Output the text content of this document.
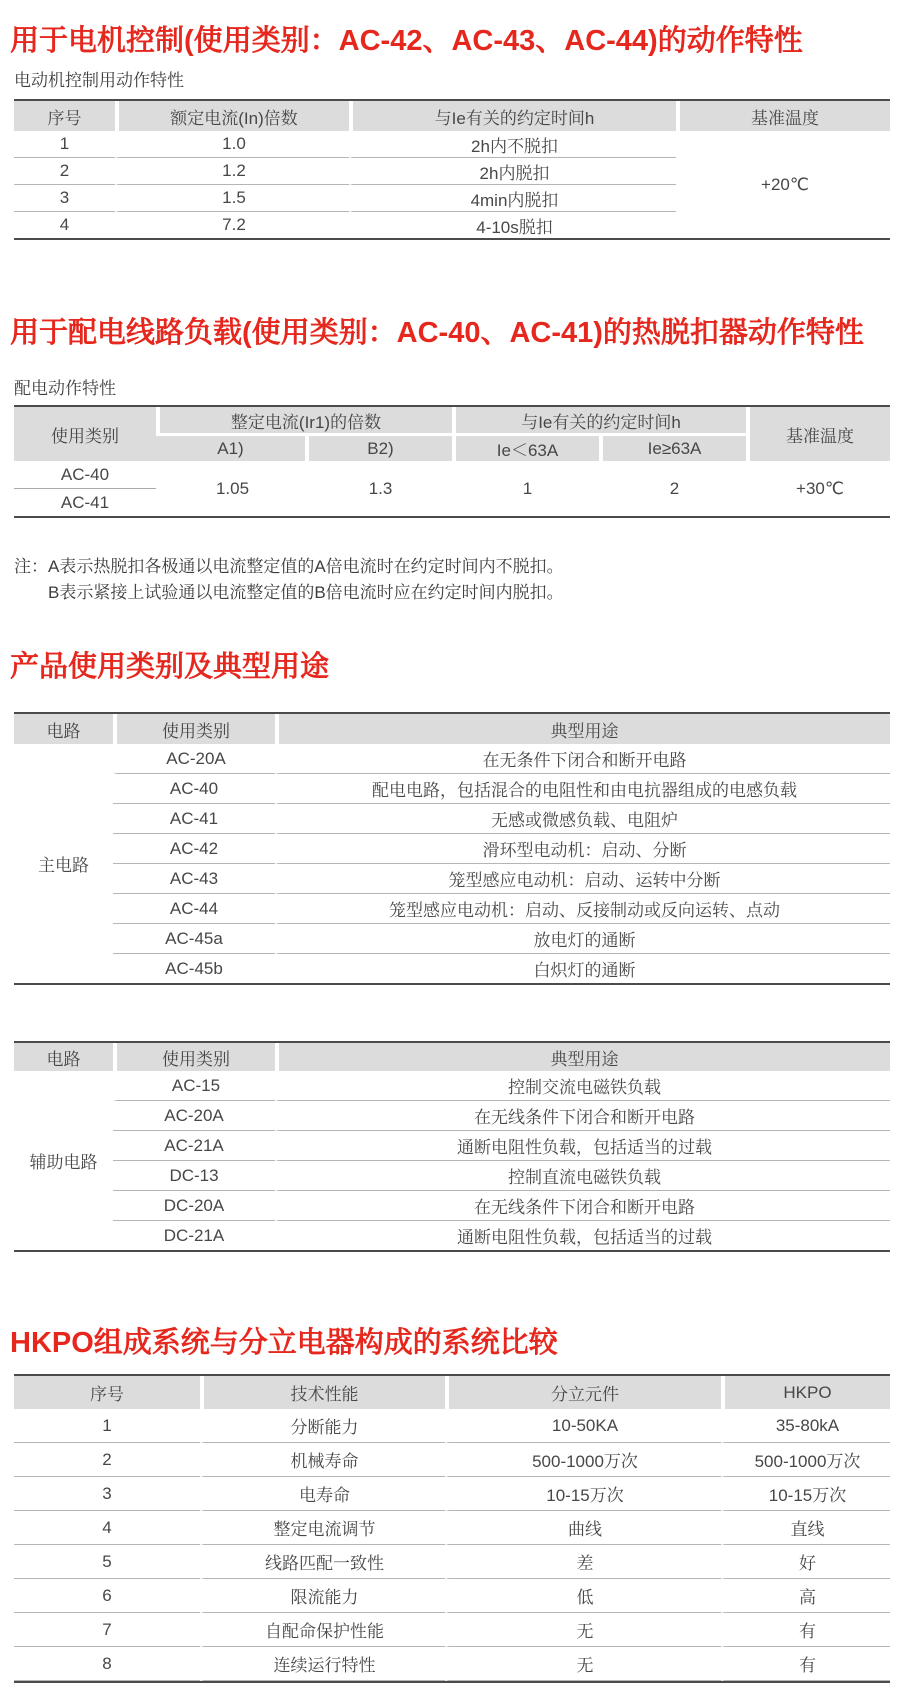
用于电机控制(使用类别：AC-42、AC-43、AC-44)的动作特性
电动机控制用动作特性
序号	额定电流(In)倍数	与Ie有关的约定时间h	基准温度
1	1.0	2h内不脱扣	+20℃
2	1.2	2h内脱扣	
3	1.5	4min内脱扣	
4	7.2	4-10s脱扣	
用于配电线路负载(使用类别：AC-40、AC-41)的热脱扣器动作特性
配电动作特性
使用类别	整定电流(Ir1)的倍数		与Ie有关的约定时间h		基准温度
	A1)	B2)	Ie＜63A	Ie≥63A	
AC-40	1.05	1.3	1	2	+30℃
AC-41					
注：A表示热脱扣各极通以电流整定值的A倍电流时在约定时间内不脱扣。
B表示紧接上试验通以电流整定值的B倍电流时应在约定时间内脱扣。
产品使用类别及典型用途
电路	使用类别	典型用途
主电路	AC-20A	在无条件下闭合和断开电路
	AC-40	配电电路，包括混合的电阻性和由电抗器组成的电感负载
	AC-41	无感或微感负载、电阻炉
	AC-42	滑环型电动机：启动、分断
	AC-43	笼型感应电动机：启动、运转中分断
	AC-44	笼型感应电动机：启动、反接制动或反向运转、点动
	AC-45a	放电灯的通断
	AC-45b	白炽灯的通断
电路	使用类别	典型用途
辅助电路	AC-15	控制交流电磁铁负载
	AC-20A	在无线条件下闭合和断开电路
	AC-21A	通断电阻性负载，包括适当的过载
	DC-13	控制直流电磁铁负载
	DC-20A	在无线条件下闭合和断开电路
	DC-21A	通断电阻性负载，包括适当的过载
HKPO组成系统与分立电器构成的系统比较
序号	技术性能	分立元件	HKPO
1	分断能力	10-50KA	35-80kA
2	机械寿命	500-1000万次	500-1000万次
3	电寿命	10-15万次	10-15万次
4	整定电流调节	曲线	直线
5	线路匹配一致性	差	好
6	限流能力	低	高
7	自配命保护性能	无	有
8	连续运行特性	无	有
